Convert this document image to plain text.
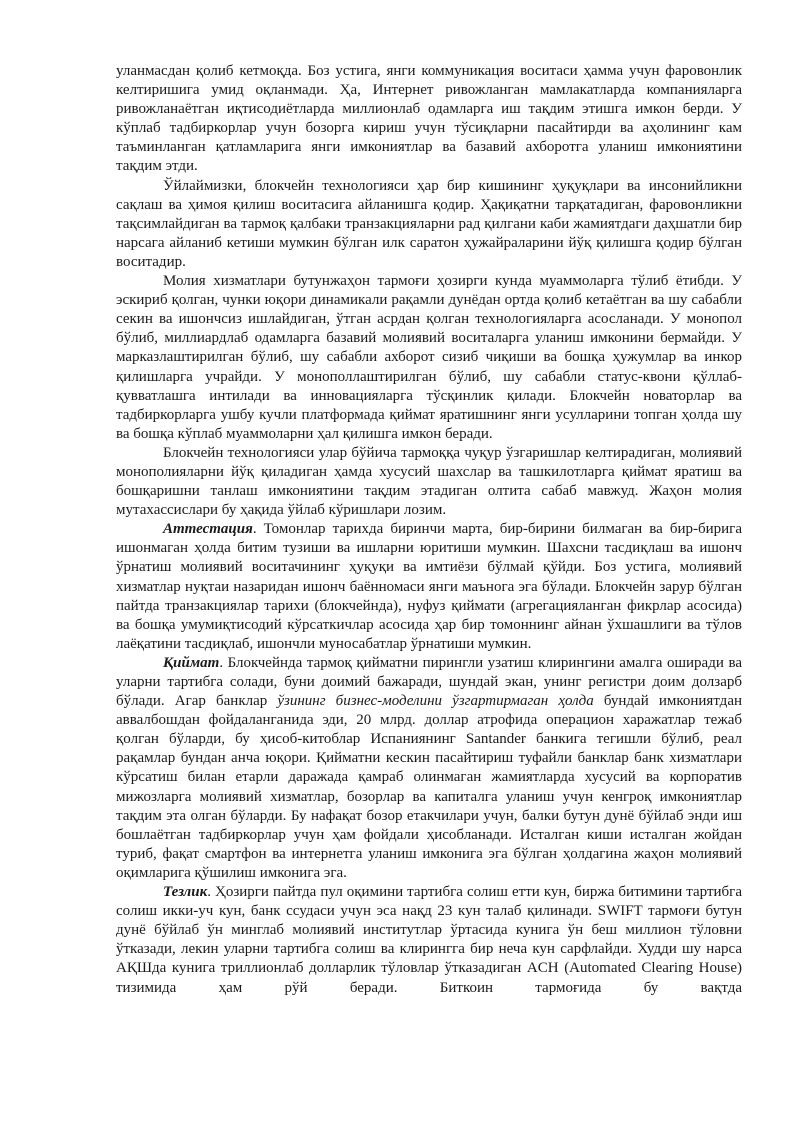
уланмасдан қолиб кетмоқда. Боз устига, янги коммуникация воситаси ҳамма учун фаровонлик келтиришига умид оқланмади. Ҳа, Интернет ривожланган мамлакатларда компанияларга ривожланаётган иқтисодиётларда миллионлаб одамларга иш тақдим этишга имкон берди. У кўплаб тадбиркорлар учун бозорга кириш учун тўсиқларни пасайтирди ва аҳолининг кам таъминланган қатламларига янги имкониятлар ва базавий ахборотга уланиш имкониятини тақдим этди.

Ўйлаймизки, блокчейн технологияси ҳар бир кишининг ҳуқуқлари ва инсонийликни сақлаш ва ҳимоя қилиш воситасига айланишга қодир. Ҳақиқатни тарқатадиган, фаровонликни тақсимлайдиган ва тармоқ қалбаки транзакцияларни рад қилгани каби жамиятдаги даҳшатли бир нарсага айланиб кетиши мумкин бўлган илк саратон ҳужайраларини йўқ қилишга қодир бўлган воситадир.

Молия хизматлари бутунжаҳон тармоғи ҳозирги кунда муаммоларга тўлиб ётибди. У эскириб қолган, чунки юқори динамикали рақамли дунёдан ортда қолиб кетаётган ва шу сабабли секин ва ишончсиз ишлайдиган, ўтган асрдан қолган технологияларга асосланади. У монопол бўлиб, миллиардлаб одамларга базавий молиявий воситаларга уланиш имконини бермайди. У марказлаштирилган бўлиб, шу сабабли ахборот сизиб чиқиши ва бошқа ҳужумлар ва инкор қилишларга учрайди. У монополлаштирилган бўлиб, шу сабабли статус-квони қўллаб-қувватлашга интилади ва инновацияларга тўсқинлик қилади. Блокчейн новаторлар ва тадбиркорларга ушбу кучли платформада қиймат яратишнинг янги усулларини топган ҳолда шу ва бошқа кўплаб муаммоларни ҳал қилишга имкон беради.

Блокчейн технологияси улар бўйича тармоққа чуқур ўзгаришлар келтирадиган, молиявий монополияларни йўқ қиладиган ҳамда хусусий шахслар ва ташкилотларга қиймат яратиш ва бошқаришни танлаш имкониятини тақдим этадиган олтита сабаб мавжуд. Жаҳон молия мутахассислари бу ҳақида ўйлаб кўришлари лозим.

Аттестация. Томонлар тарихда биринчи марта, бир-бирини билмаган ва бир-бирига ишонмаган ҳолда битим тузиши ва ишларни юритиши мумкин. Шахсни тасдиқлаш ва ишонч ўрнатиш молиявий воситачининг ҳуқуқи ва имтиёзи бўлмай қўйди. Боз устига, молиявий хизматлар нуқтаи назаридан ишонч баённомаси янги маънога эга бўлади. Блокчейн зарур бўлган пайтда транзакциялар тарихи (блокчейнда), нуфуз қиймати (агрегацияланган фикрлар асосида) ва бошқа умумиқтисодий кўрсаткичлар асосида ҳар бир томоннинг айнан ўхшашлиги ва тўлов лаёқатини тасдиқлаб, ишончли муносабатлар ўрнатиши мумкин.

Қиймат. Блокчейнда тармоқ қийматни пирингли узатиш клирингини амалга оширади ва уларни тартибга солади, буни доимий бажаради, шундай экан, унинг регистри доим долзарб бўлади. Агар банклар ўзининг бизнес-моделини ўзгартирмаган ҳолда бундай имкониятдан аввалбошдан фойдаланганида эди, 20 млрд. доллар атрофида операцион харажатлар тежаб қолган бўларди, бу ҳисоб-китоблар Испаниянинг Santander банкига тегишли бўлиб, реал рақамлар бундан анча юқори. Қийматни кескин пасайтириш туфайли банклар банк хизматлари кўрсатиш билан етарли даражада қамраб олинмаган жамиятларда хусусий ва корпоратив мижозларга молиявий хизматлар, бозорлар ва капиталга уланиш учун кенгроқ имкониятлар тақдим эта олган бўларди. Бу нафақат бозор етакчилари учун, балки бутун дунё бўйлаб энди иш бошлаётган тадбиркорлар учун ҳам фойдали ҳисобланади. Исталган киши исталган жойдан туриб, фақат смартфон ва интернетга уланиш имконига эга бўлган ҳолдагина жаҳон молиявий оқимларига қўшилиш имконига эга.

Тезлик. Ҳозирги пайтда пул оқимини тартибга солиш етти кун, биржа битимини тартибга солиш икки-уч кун, банк ссудаси учун эса нақд 23 кун талаб қилинади. SWIFT тармоғи бутун дунё бўйлаб ўн минглаб молиявий институтлар ўртасида кунига ўн беш миллион тўловни ўтказади, лекин уларни тартибга солиш ва клирингга бир неча кун сарфлайди. Худди шу нарса АҚШда кунига триллионлаб долларлик тўловлар ўтказадиган ACH (Automated Clearing House) тизимида ҳам рўй беради. Биткоин тармоғида бу вақтда
